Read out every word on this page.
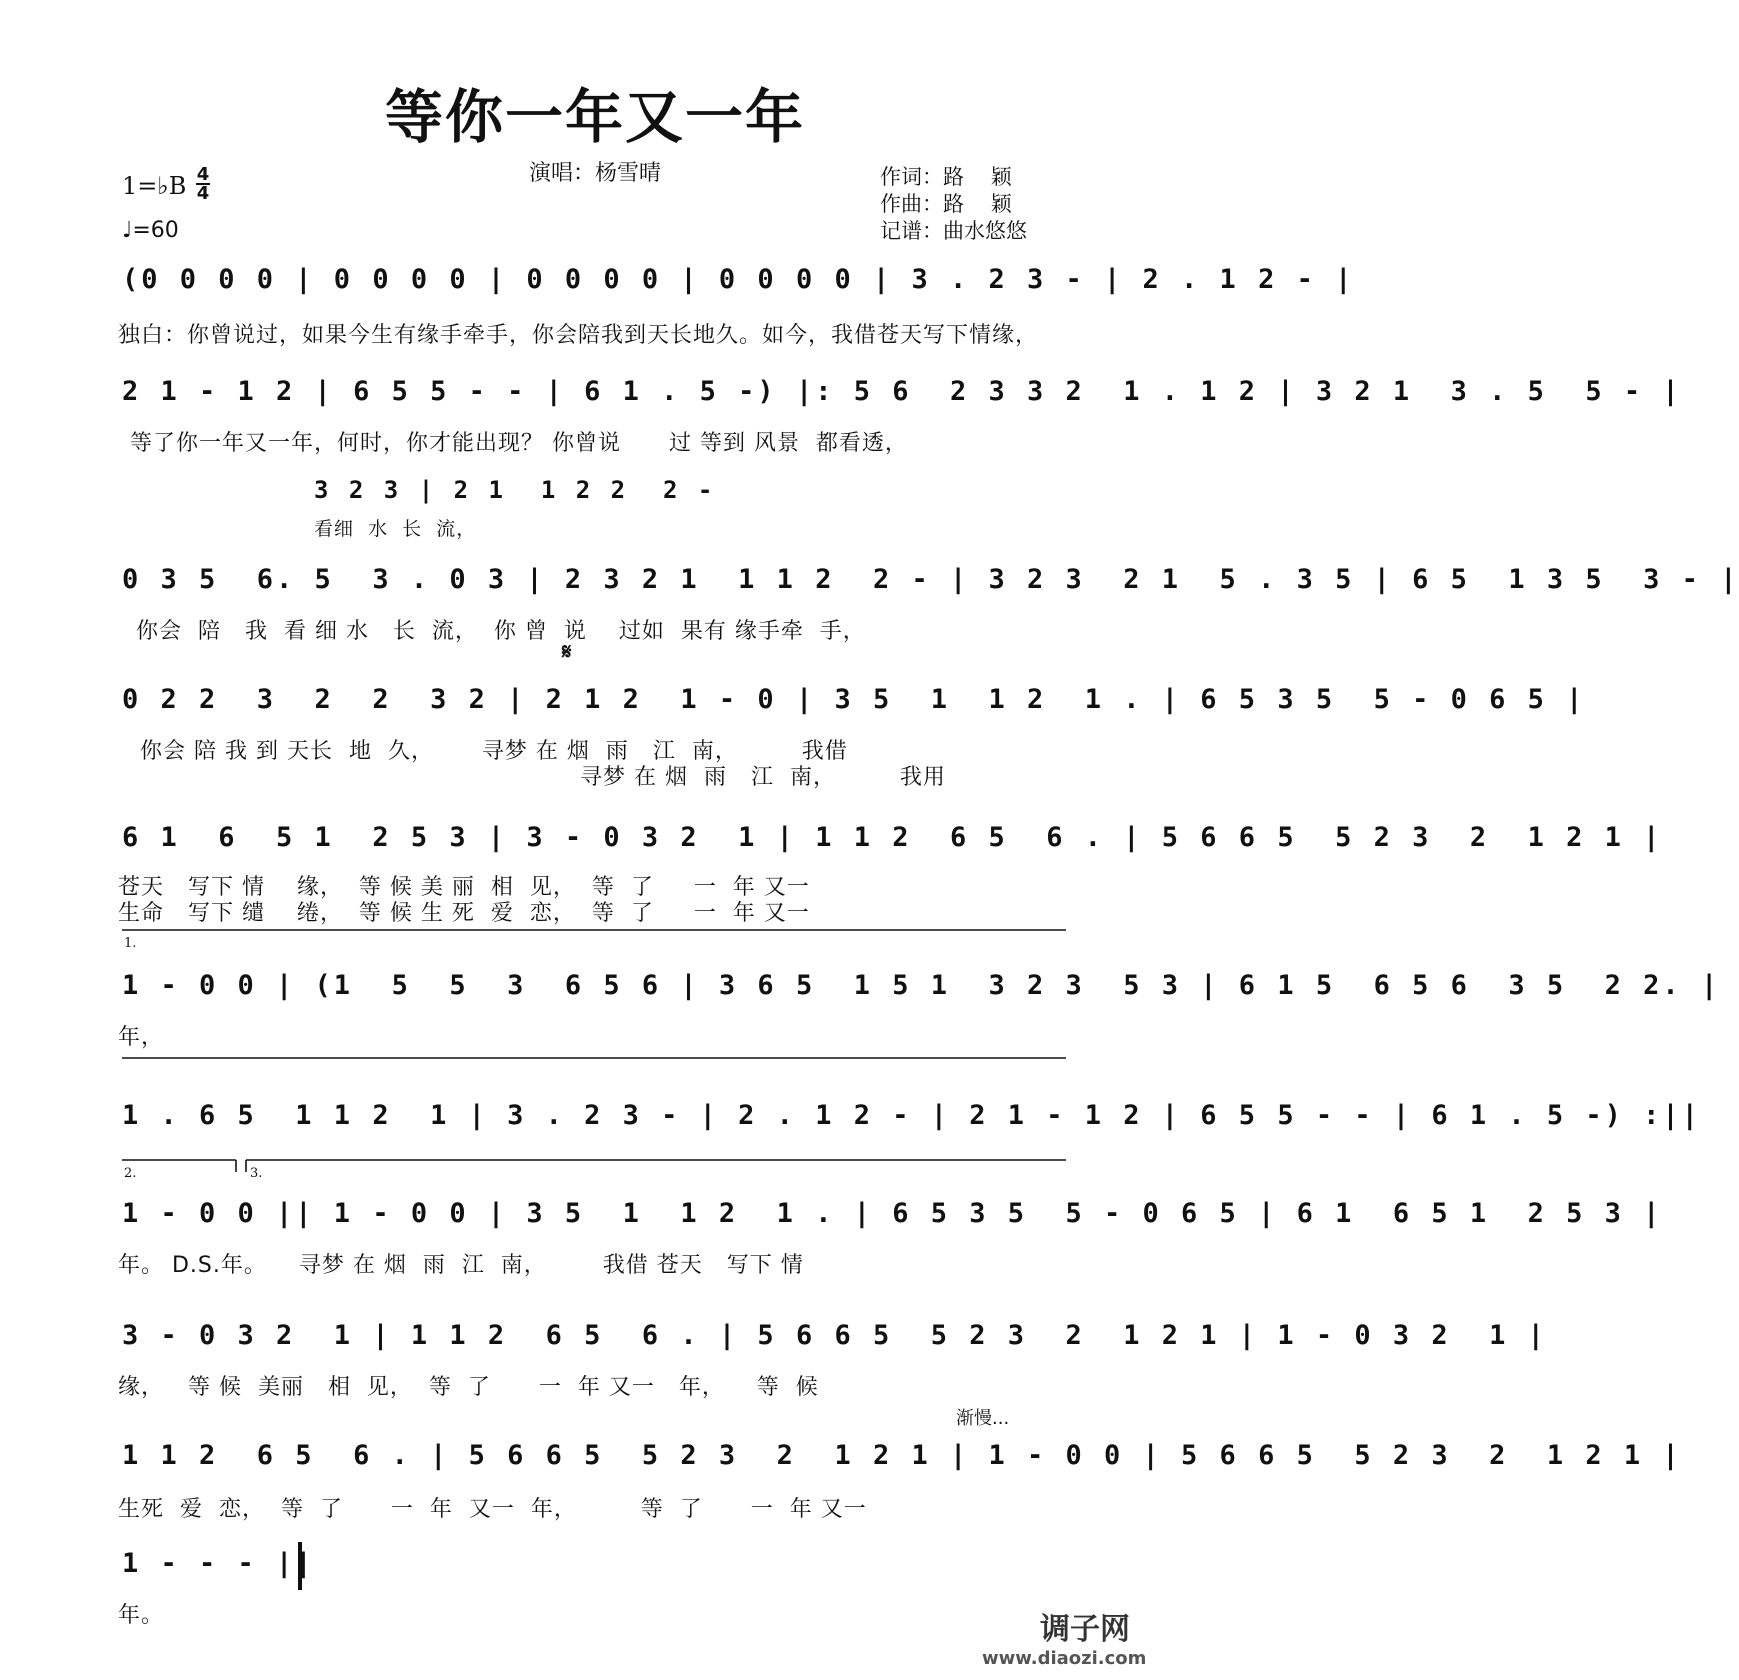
等你一年又一年
演唱：杨雪晴	作词：路    颖
作曲：路    颖
记谱：曲水悠悠
1=♭B 4
4
♩=60
(0 0 0 0 | 0 0 0 0 | 0 0 0 0 | 0 0 0 0 | 3 . 2 3 - | 2 . 1 2 - |
独白：你曾说过，如果今生有缘手牵手，你会陪我到天长地久。如今，我借苍天写下情缘，
2 1 - 1 2 | 6 5 5 - - | 6 1 . 5 -) |: 5 6  2 3 3 2  1 . 1 2 | 3 2 1  3 . 5  5 - |
等了你一年又一年，何时，你才能出现？ 你曾说      过 等到 风景  都看透，
3 2 3 | 2 1  1 2 2  2 -
看细  水  长  流，
0 3 5  6. 5  3 . 0 3 | 2 3 2 1  1 1 2  2 - | 3 2 3  2 1  5 . 3 5 | 6 5  1 3 5  3 - |
你会  陪   我  看 细 水   长  流，  你 曾  说    过如  果有 缘手牵  手，
0 2 2  3  2  2  3 2 | 2 1 2  1 - 0 | 3 5  1  1 2  1 . | 6 5 3 5  5 - 0 6 5 |
你会 陪 我 到 天长  地  久，      寻梦 在 烟  雨   江  南，        我借
寻梦 在 烟  雨   江  南，        我用
6 1  6  5 1  2 5 3 | 3 - 0 3 2  1 | 1 1 2  6 5  6 . | 5 6 6 5  5 2 3  2  1 2 1 |
苍天   写下 情    缘，  等 候 美 丽  相  见，  等  了     一  年 又一
生命   写下 缱    绻，  等 候 生 死  爱  恋，  等  了     一  年 又一
1 - 0 0 | (1  5  5  3  6 5 6 | 3 6 5  1 5 1  3 2 3  5 3 | 6 1 5  6 5 6  3 5  2 2. |
年，
1 . 6 5  1 1 2  1 | 3 . 2 3 - | 2 . 1 2 - | 2 1 - 1 2 | 6 5 5 - - | 6 1 . 5 -) :||
1 - 0 0 || 1 - 0 0 | 3 5  1  1 2  1 . | 6 5 3 5  5 - 0 6 5 | 6 1  6 5 1  2 5 3 |
年。 D.S.年。    寻梦 在 烟  雨  江  南，       我借 苍天   写下 情
3 - 0 3 2  1 | 1 1 2  6 5  6 . | 5 6 6 5  5 2 3  2  1 2 1 | 1 - 0 3 2  1 |
缘，   等 候  美丽   相  见，  等  了      一  年 又一   年，    等  候
1 1 2  6 5  6 . | 5 6 6 5  5 2 3  2  1 2 1 | 1 - 0 0 | 5 6 6 5  5 2 3  2  1 2 1 |
生死  爱  恋，  等  了      一  年  又一  年，        等  了      一  年 又一
1 - - - ||
年。
1.
2.	3.
𝄋
渐慢...
调子网
www.diaozi.com
